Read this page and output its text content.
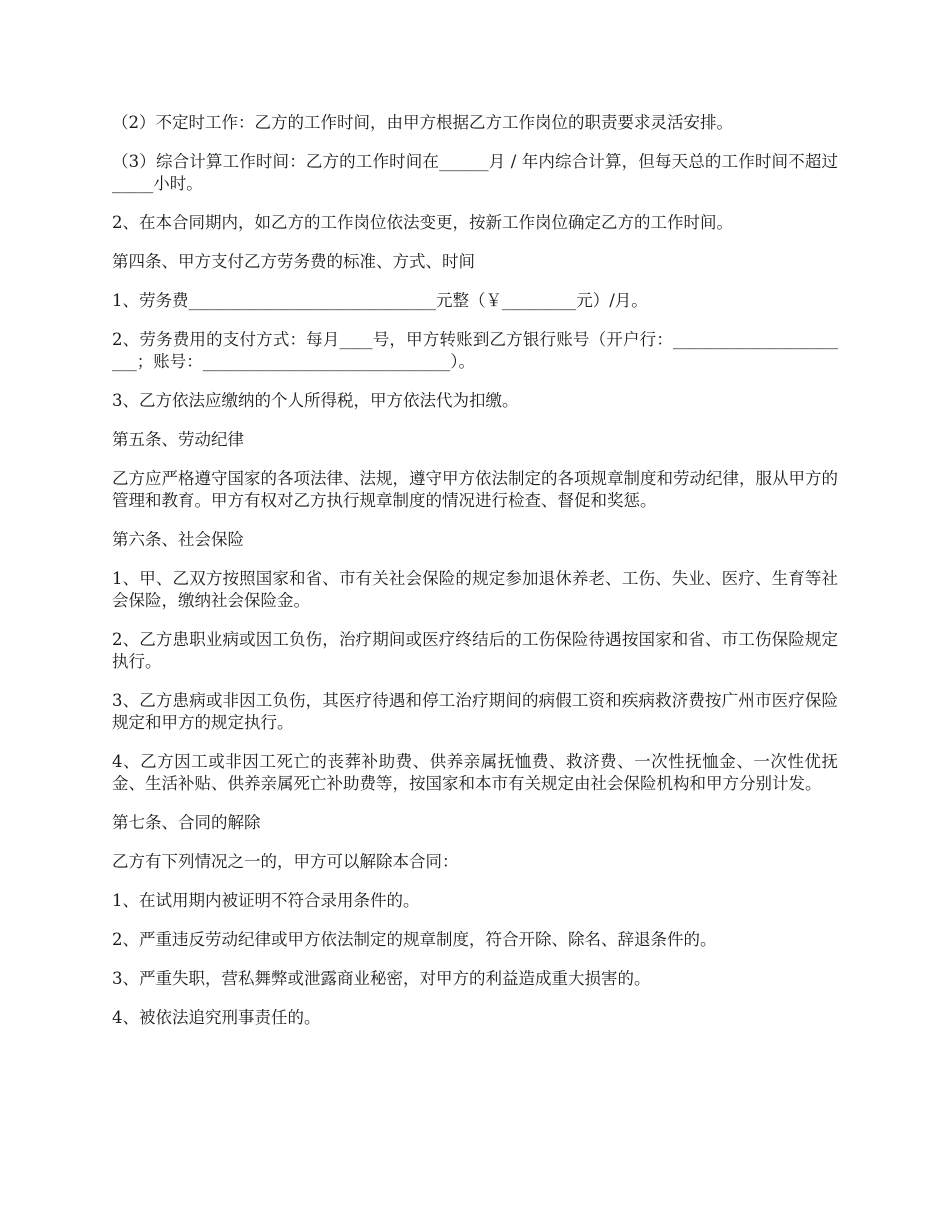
（2）不定时工作：乙方的工作时间，由甲方根据乙方工作岗位的职责要求灵活安排。

（3）综合计算工作时间：乙方的工作时间在______月 / 年内综合计算，但每天总的工作时间不超过_____小时。

2、在本合同期内，如乙方的工作岗位依法变更，按新工作岗位确定乙方的工作时间。

第四条、甲方支付乙方劳务费的标准、方式、时间

1、劳务费______________________________元整（￥_________元）/月。

2、劳务费用的支付方式：每月____号，甲方转账到乙方银行账号（开户行：_______________________；账号：______________________________）。

3、乙方依法应缴纳的个人所得税，甲方依法代为扣缴。

第五条、劳动纪律

乙方应严格遵守国家的各项法律、法规，遵守甲方依法制定的各项规章制度和劳动纪律，服从甲方的管理和教育。甲方有权对乙方执行规章制度的情况进行检查、督促和奖惩。

第六条、社会保险

1、甲、乙双方按照国家和省、市有关社会保险的规定参加退休养老、工伤、失业、医疗、生育等社会保险，缴纳社会保险金。

2、乙方患职业病或因工负伤，治疗期间或医疗终结后的工伤保险待遇按国家和省、市工伤保险规定执行。

3、乙方患病或非因工负伤，其医疗待遇和停工治疗期间的病假工资和疾病救济费按广州市医疗保险规定和甲方的规定执行。

4、乙方因工或非因工死亡的丧葬补助费、供养亲属抚恤费、救济费、一次性抚恤金、一次性优抚金、生活补贴、供养亲属死亡补助费等，按国家和本市有关规定由社会保险机构和甲方分别计发。

第七条、合同的解除

乙方有下列情况之一的，甲方可以解除本合同：

1、在试用期内被证明不符合录用条件的。

2、严重违反劳动纪律或甲方依法制定的规章制度，符合开除、除名、辞退条件的。

3、严重失职，营私舞弊或泄露商业秘密，对甲方的利益造成重大损害的。

4、被依法追究刑事责任的。
